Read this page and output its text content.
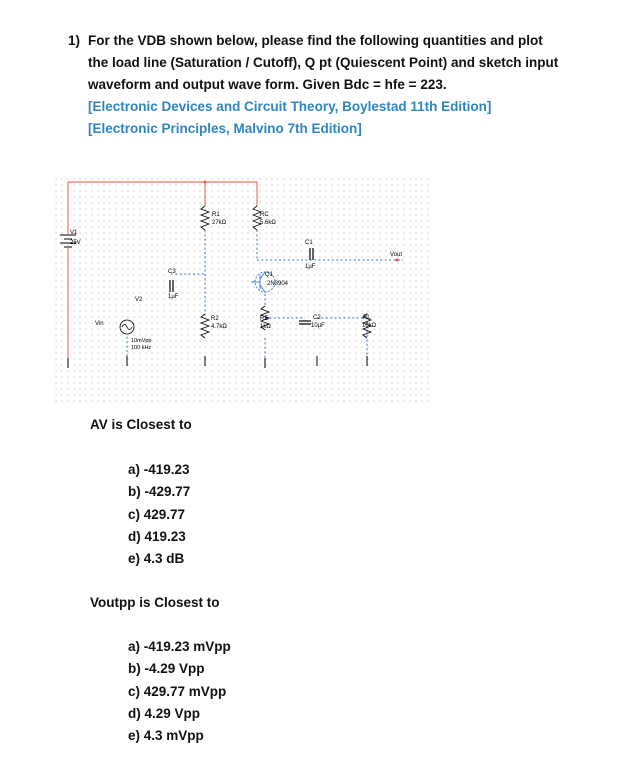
1) For the VDB shown below, please find the following quantities and plot
the load line (Saturation / Cutoff), Q pt (Quiescent Point) and sketch input
waveform and output wave form. Given Bdc = hfe = 223.
[Electronic Devices and Circuit Theory, Boylestad 11th Edition]
[Electronic Principles, Malvino 7th Edition]
V1
25V
R1
27kΩ
RC
5.6kΩ
C1
1µF
Vout
Q1
2N3904
C3
1µF
V2
Vin
10mVpp
100 kHz
R2
4.7kΩ
RE
1kΩ
C2
10µF
RL
10kΩ
AV is Closest to
a) -419.23
b) -429.77
c) 429.77
d) 419.23
e) 4.3 dB
Voutpp is Closest to
a) -419.23 mVpp
b) -4.29 Vpp
c) 429.77 mVpp
d) 4.29 Vpp
e) 4.3 mVpp
